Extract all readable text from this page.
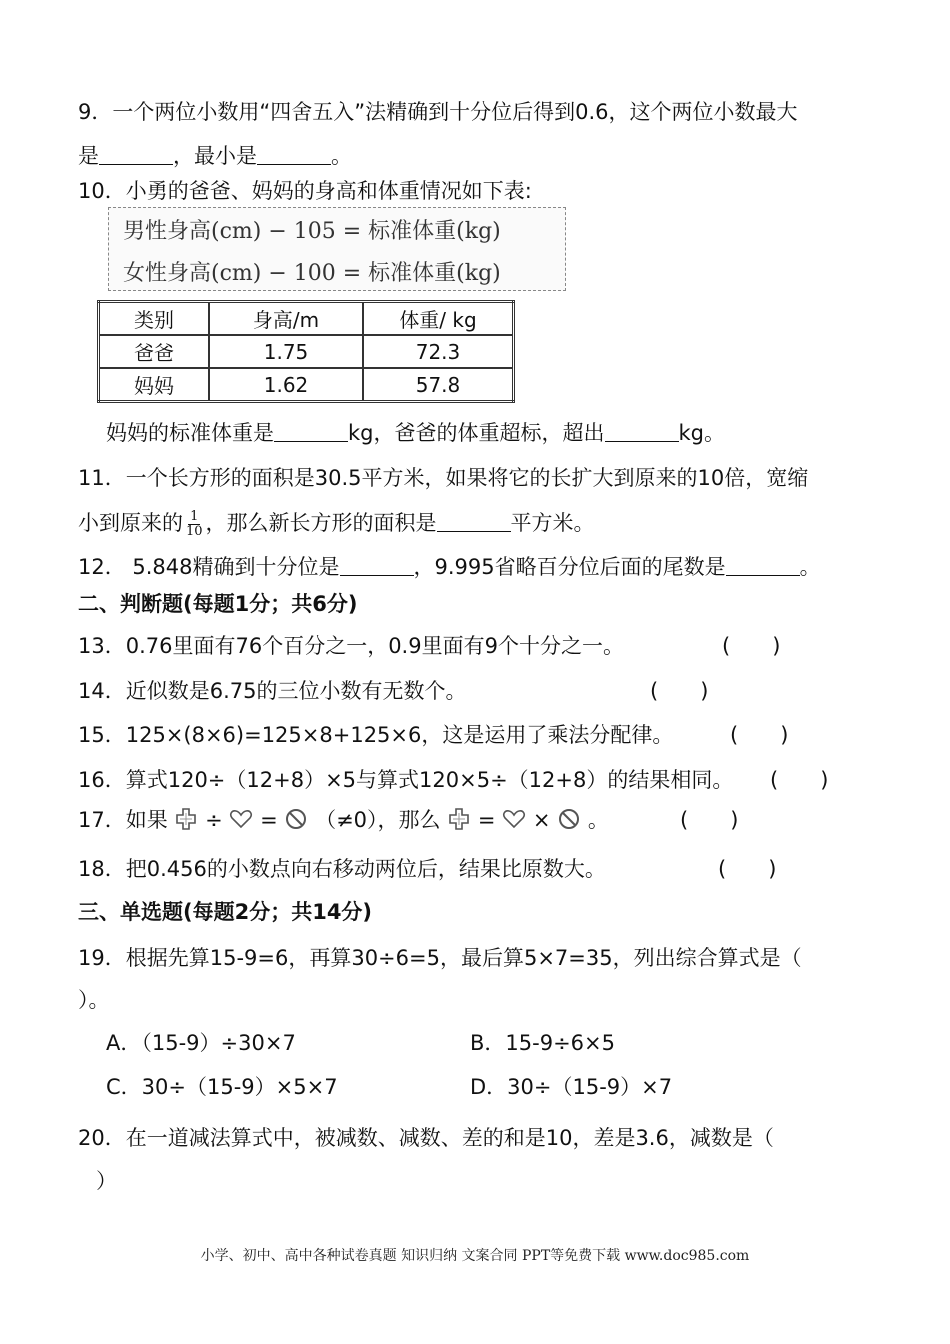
9．一个两位小数用“四舍五入”法精确到十分位后得到0.6，这个两位小数最大
是	，最小是	。
10．小勇的爸爸、妈妈的身高和体重情况如下表:
男性身高(cm) − 105 = 标准体重(kg)
女性身高(cm) − 100 = 标准体重(kg)
类别	身高/m	体重/ kg
爸爸	1.75	72.3
妈妈	1.62	57.8
妈妈的标准体重是	kg，爸爸的体重超标，超出	kg。
11．一个长方形的面积是30.5平方米，如果将它的长扩大到原来的10倍，宽缩
小到原来的 $\frac{1}{10}$ ，那么新长方形的面积是	平方米。
12． 5.848精确到十分位是	，9.995省略百分位后面的尾数是	。
二、判断题(每题1分；共6分)
13．0.76里面有76个百分之一，0.9里面有9个十分之一。	(　　)
14．近似数是6.75的三位小数有无数个。	(　　)
15．125×(8×6)=125×8+125×6，这是运用了乘法分配律。	(　　)
16．算式120÷（12+8）×5与算式120×5÷（12+8）的结果相同。 (　　)
17．如果 ÷ = （≠0），那么 = × 。	(　　)
18．把0.456的小数点向右移动两位后，结果比原数大。	(　　)
三、单选题(每题2分；共14分)
19．根据先算15-9=6，再算30÷6=5，最后算5×7=35，列出综合算式是（
）。
A．（15-9）÷30×7	B．15-9÷6×5
C．30÷（15-9）×5×7	D．30÷（15-9）×7
20．在一道减法算式中，被减数、减数、差的和是10，差是3.6，减数是（
）
小学、初中、高中各种试卷真题 知识归纳 文案合同 PPT等免费下载 www.doc985.com
